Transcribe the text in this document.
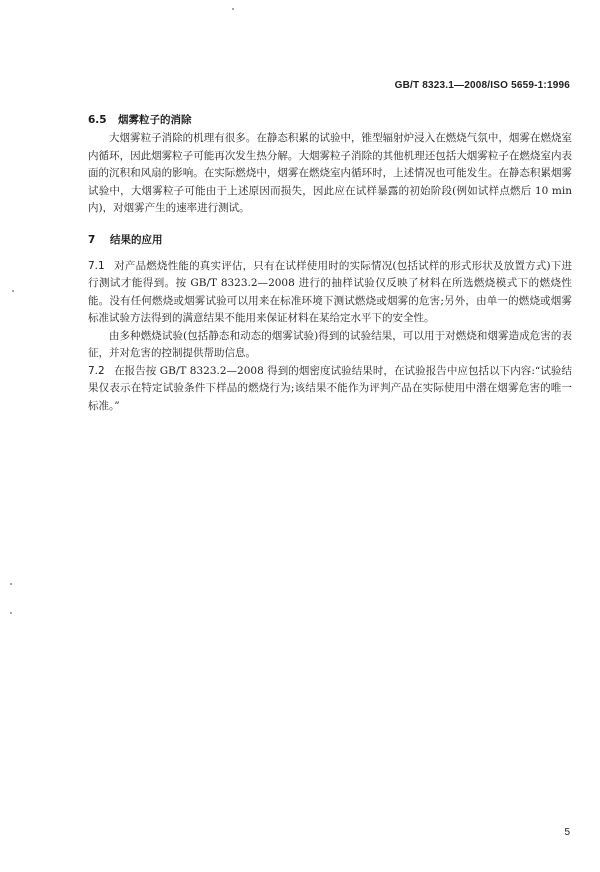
GB/T 8323.1—2008/ISO 5659-1:1996
6.5 烟雾粒子的消除

大烟雾粒子消除的机理有很多。在静态积累的试验中，锥型辐射炉浸入在燃烧气氛中，烟雾在燃烧室内循环，因此烟雾粒子可能再次发生热分解。大烟雾粒子消除的其他机理还包括大烟雾粒子在燃烧室内表面的沉积和风扇的影响。在实际燃烧中，烟雾在燃烧室内循环时，上述情况也可能发生。在静态积累烟雾试验中，大烟雾粒子可能由于上述原因而损失，因此应在试样暴露的初始阶段(例如试样点燃后 10 min 内)，对烟雾产生的速率进行测试。

7 结果的应用

7.1 对产品燃烧性能的真实评估，只有在试样使用时的实际情况(包括试样的形式形状及放置方式)下进行测试才能得到。按 GB/T 8323.2—2008 进行的抽样试验仅反映了材料在所选燃烧模式下的燃烧性能。没有任何燃烧或烟雾试验可以用来在标准环境下测试燃烧或烟雾的危害;另外，由单一的燃烧或烟雾标准试验方法得到的满意结果不能用来保证材料在某给定水平下的安全性。

由多种燃烧试验(包括静态和动态的烟雾试验)得到的试验结果，可以用于对燃烧和烟雾造成危害的表征，并对危害的控制提供帮助信息。

7.2 在报告按 GB/T 8323.2—2008 得到的烟密度试验结果时，在试验报告中应包括以下内容:“试验结果仅表示在特定试验条件下样品的燃烧行为;该结果不能作为评判产品在实际使用中潜在烟雾危害的唯一标准。”

5
